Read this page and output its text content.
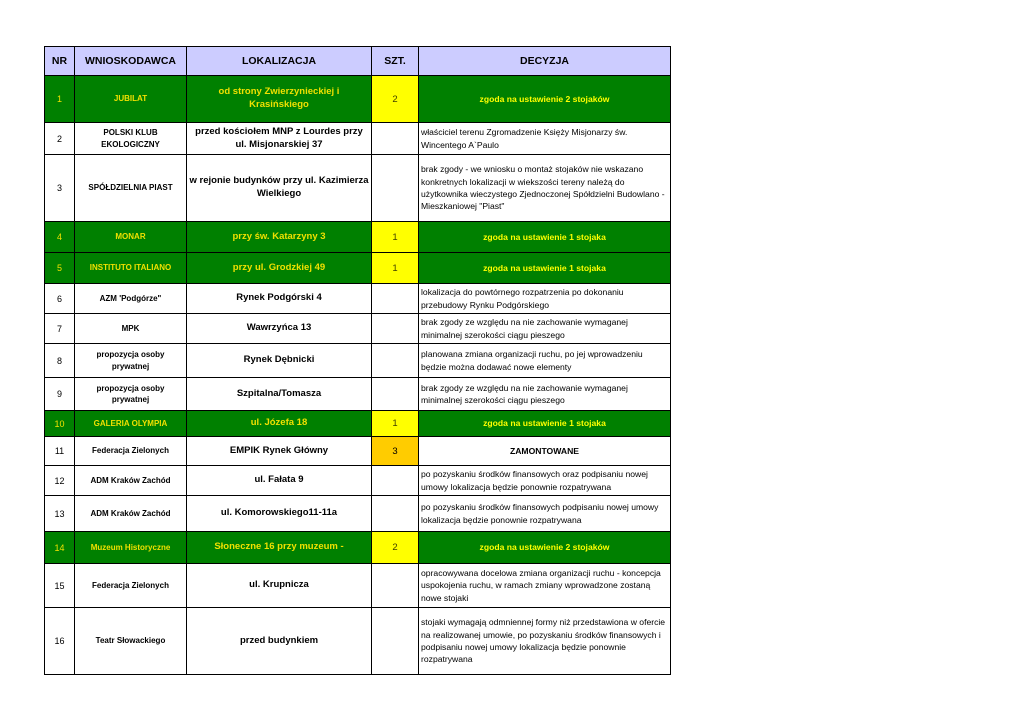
NR	WNIOSKODAWCA	LOKALIZACJA	SZT.	DECYZJA
1	JUBILAT	od strony Zwierzynieckiej i Krasińskiego	2	zgoda na ustawienie 2 stojaków
2	POLSKI KLUB EKOLOGICZNY	przed kościołem MNP z Lourdes przy ul. Misjonarskiej 37		właściciel terenu Zgromadzenie Księży Misjonarzy św. Wincentego A`Paulo
3	SPÓŁDZIELNIA PIAST	w rejonie budynków przy ul. Kazimierza Wielkiego		brak zgody - we wniosku o montaż stojaków nie wskazano konkretnych lokalizacji w wiekszości tereny należą do użytkownika wieczystego Zjednoczonej Spółdzielni Budowlano - Mieszkaniowej "Piast"
4	MONAR	przy św. Katarzyny 3	1	zgoda na ustawienie 1 stojaka
5	INSTITUTO ITALIANO	przy ul. Grodzkiej 49	1	zgoda na ustawienie 1 stojaka
6	AZM 'Podgórze"	Rynek Podgórski 4		lokalizacja do powtórnego rozpatrzenia po dokonaniu przebudowy Rynku Podgórskiego
7	MPK	Wawrzyńca 13		brak zgody ze względu na nie zachowanie wymaganej minimalnej szerokości ciągu pieszego
8	propozycja osoby prywatnej	Rynek Dębnicki		planowana zmiana organizacji ruchu, po jej wprowadzeniu będzie można dodawać nowe elementy
9	propozycja osoby prywatnej	Szpitalna/Tomasza		brak zgody ze względu na nie zachowanie wymaganej minimalnej szerokości ciągu pieszego
10	GALERIA OLYMPIA	ul. Józefa 18	1	zgoda na ustawienie 1 stojaka
11	Federacja Zielonych	EMPIK Rynek Główny	3	ZAMONTOWANE
12	ADM Kraków Zachód	ul. Fałata 9		po pozyskaniu środków finansowych oraz podpisaniu nowej umowy lokalizacja będzie ponownie rozpatrywana
13	ADM Kraków Zachód	ul. Komorowskiego11-11a		po pozyskaniu środków finansowych podpisaniu nowej umowy lokalizacja będzie ponownie rozpatrywana
14	Muzeum Historyczne	Słoneczne 16 przy muzeum -	2	zgoda na ustawienie 2 stojaków
15	Federacja Zielonych	ul. Krupnicza		opracowywana docelowa zmiana organizacji ruchu - koncepcja uspokojenia ruchu, w ramach zmiany wprowadzone zostaną nowe stojaki
16	Teatr Słowackiego	przed budynkiem		stojaki wymagają odmniennej formy niż przedstawiona w ofercie na realizowanej umowie, po pozyskaniu środków finansowych i podpisaniu nowej umowy lokalizacja będzie ponownie rozpatrywana
